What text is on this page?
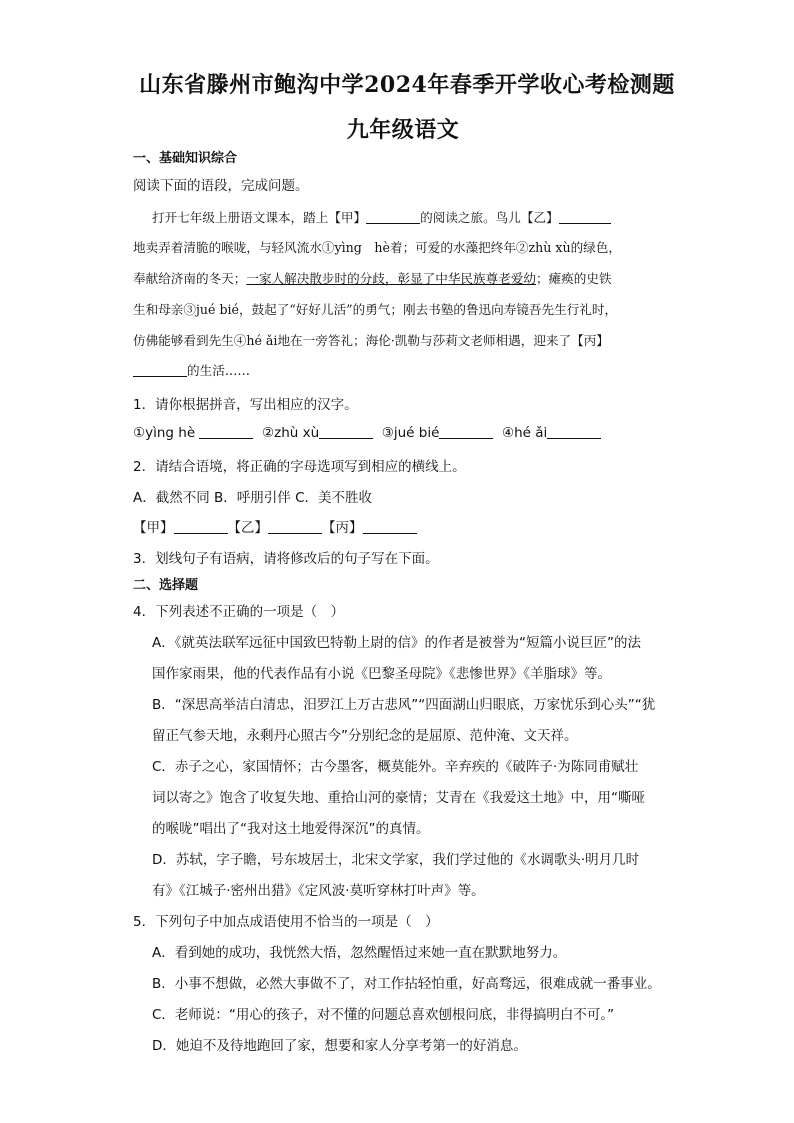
山东省滕州市鲍沟中学2024年春季开学收心考检测题
九年级语文
一、基础知识综合
阅读下面的语段，完成问题。
打开七年级上册语文课本，踏上【甲】	的阅读之旅。鸟儿【乙】
地卖弄着清脆的喉咙，与轻风流水①yìng　hè着；可爱的水藻把终年②zhù xù的绿色，
奉献给济南的冬天；一家人解决散步时的分歧，彰显了中华民族尊老爱幼；瘫痪的史铁
生和母亲③jué bié，鼓起了“好好儿活”的勇气；刚去书塾的鲁迅向寿镜吾先生行礼时，
仿佛能够看到先生④hé ǎi地在一旁答礼；海伦·凯勒与莎莉文老师相遇，迎来了【丙】
的生活……
1．请你根据拼音，写出相应的汉字。
①yìng hè	②zhù xù	③jué bié	④hé ǎi
2．请结合语境，将正确的字母选项写到相应的横线上。
A．截然不同 B．呼朋引伴 C．美不胜收
【甲】	【乙】	【丙】
3．划线句子有语病，请将修改后的句子写在下面。
二、选择题
4．下列表述不正确的一项是（　）
A．《就英法联军远征中国致巴特勒上尉的信》的作者是被誉为“短篇小说巨匠”的法
国作家雨果，他的代表作品有小说《巴黎圣母院》《悲惨世界》《羊脂球》等。
B．“深思高举洁白清忠，汨罗江上万古悲风”“四面湖山归眼底，万家忧乐到心头”“犹
留正气参天地，永剩丹心照古今”分别纪念的是屈原、范仲淹、文天祥。
C．赤子之心，家国情怀；古今墨客，概莫能外。辛弃疾的《破阵子·为陈同甫赋壮
词以寄之》饱含了收复失地、重拾山河的豪情；艾青在《我爱这土地》中，用“嘶哑
的喉咙”唱出了“我对这土地爱得深沉”的真情。
D．苏轼，字子瞻，号东坡居士，北宋文学家，我们学过他的《水调歌头·明月几时
有》《江城子·密州出猎》《定风波·莫听穿林打叶声》等。
5．下列句子中加点成语使用不恰当的一项是（　）
A．看到她的成功，我恍然大悟，忽然醒悟过来她一直在默默地努力。
B．小事不想做，必然大事做不了，对工作拈轻怕重，好高骛远，很难成就一番事业。
C．老师说：“用心的孩子，对不懂的问题总喜欢刨根问底，非得搞明白不可。”
D．她迫不及待地跑回了家，想要和家人分享考第一的好消息。
